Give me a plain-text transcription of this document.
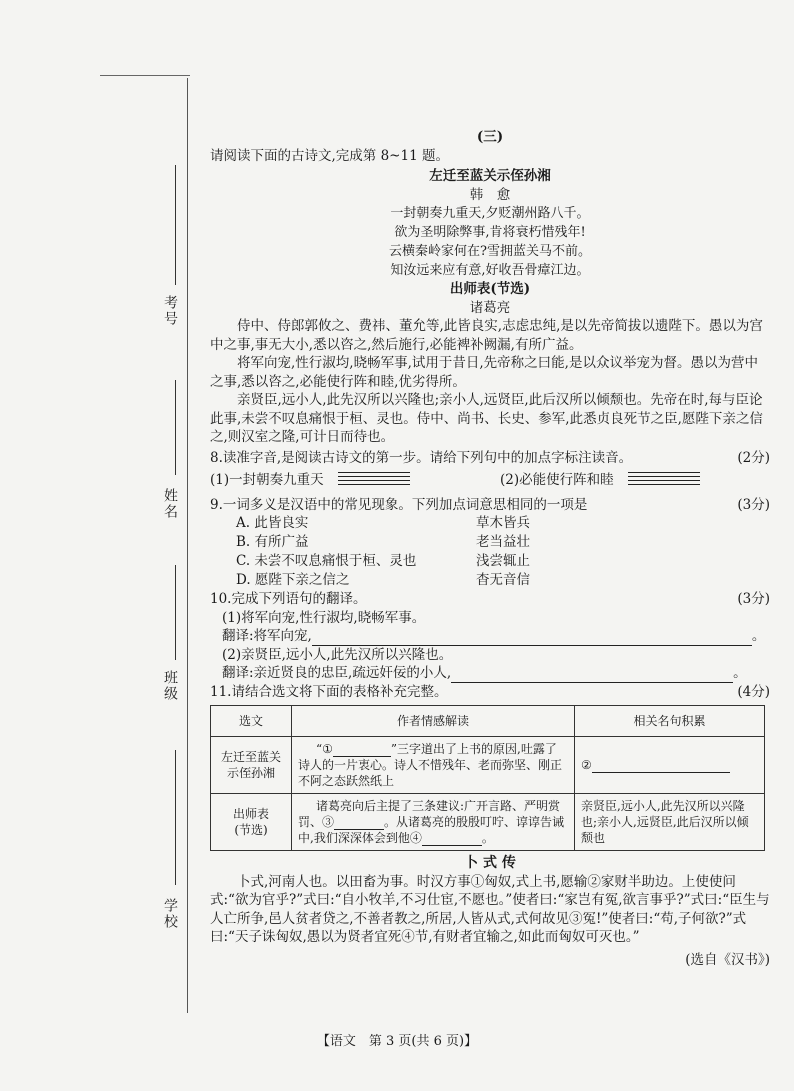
考号
姓名
班级
学校

(三)

请阅读下面的古诗文,完成第 8~11 题。

左迁至蓝关示侄孙湘

韩　愈

一封朝奏九重天,夕贬潮州路八千。

欲为圣明除弊事,肯将衰朽惜残年!

云横秦岭家何在?雪拥蓝关马不前。

知汝远来应有意,好收吾骨瘴江边。

出师表(节选)

诸葛亮

侍中、侍郎郭攸之、费祎、董允等,此皆良实,志虑忠纯,是以先帝简拔以遗陛下。愚以为宫中之事,事无大小,悉以咨之,然后施行,必能裨补阙漏,有所广益。

将军向宠,性行淑均,晓畅军事,试用于昔日,先帝称之曰能,是以众议举宠为督。愚以为营中之事,悉以咨之,必能使行阵和睦,优劣得所。

亲贤臣,远小人,此先汉所以兴隆也;亲小人,远贤臣,此后汉所以倾颓也。先帝在时,每与臣论此事,未尝不叹息痛恨于桓、灵也。侍中、尚书、长史、参军,此悉贞良死节之臣,愿陛下亲之信之,则汉室之隆,可计日而待也。

8.读准字音,是阅读古诗文的第一步。请给下列句中的加点字标注读音。	(2分)
(1)一封朝奏九重天	(2)必能使行阵和睦
9.一词多义是汉语中的常见现象。下列加点词意思相同的一项是	(3分)
A. 此皆良实	草木皆兵
B. 有所广益	老当益壮
C. 未尝不叹息痛恨于桓、灵也	浅尝辄止
D. 愿陛下亲之信之	杳无音信
10.完成下列语句的翻译。	(3分)

(1)将军向宠,性行淑均,晓畅军事。

翻译:将军向宠,	。

(2)亲贤臣,远小人,此先汉所以兴隆也。

翻译:亲近贤良的忠臣,疏远奸佞的小人,	。

11.请结合选文将下面的表格补充完整。	(4分)
选文	作者情感解读	相关名句积累
左迁至蓝关示侄孙湘	“① ”三字道出了上书的原因,吐露了诗人的一片衷心。诗人不惜残年、老而弥坚、刚正不阿之态跃然纸上	②

出师表
(节选)	诸葛亮向后主提了三条建议:广开言路、严明赏罚、③ 。从诸葛亮的殷殷叮咛、谆谆告诫中,我们深深体会到他④ 。	亲贤臣,远小人,此先汉所以兴隆也;亲小人,远贤臣,此后汉所以倾颓也

卜 式 传

卜式,河南人也。以田畜为事。时汉方事①匈奴,式上书,愿输②家财半助边。上使使问式:“欲为官乎?”式曰:“自小牧羊,不习仕宦,不愿也。”使者曰:“家岂有冤,欲言事乎?”式曰:“臣生与人亡所争,邑人贫者贷之,不善者教之,所居,人皆从式,式何故见③冤!”使者曰:“苟,子何欲?”式曰:“天子诛匈奴,愚以为贤者宜死④节,有财者宜输之,如此而匈奴可灭也。”

(选自《汉书》)

【语文　第 3 页(共 6 页)】
